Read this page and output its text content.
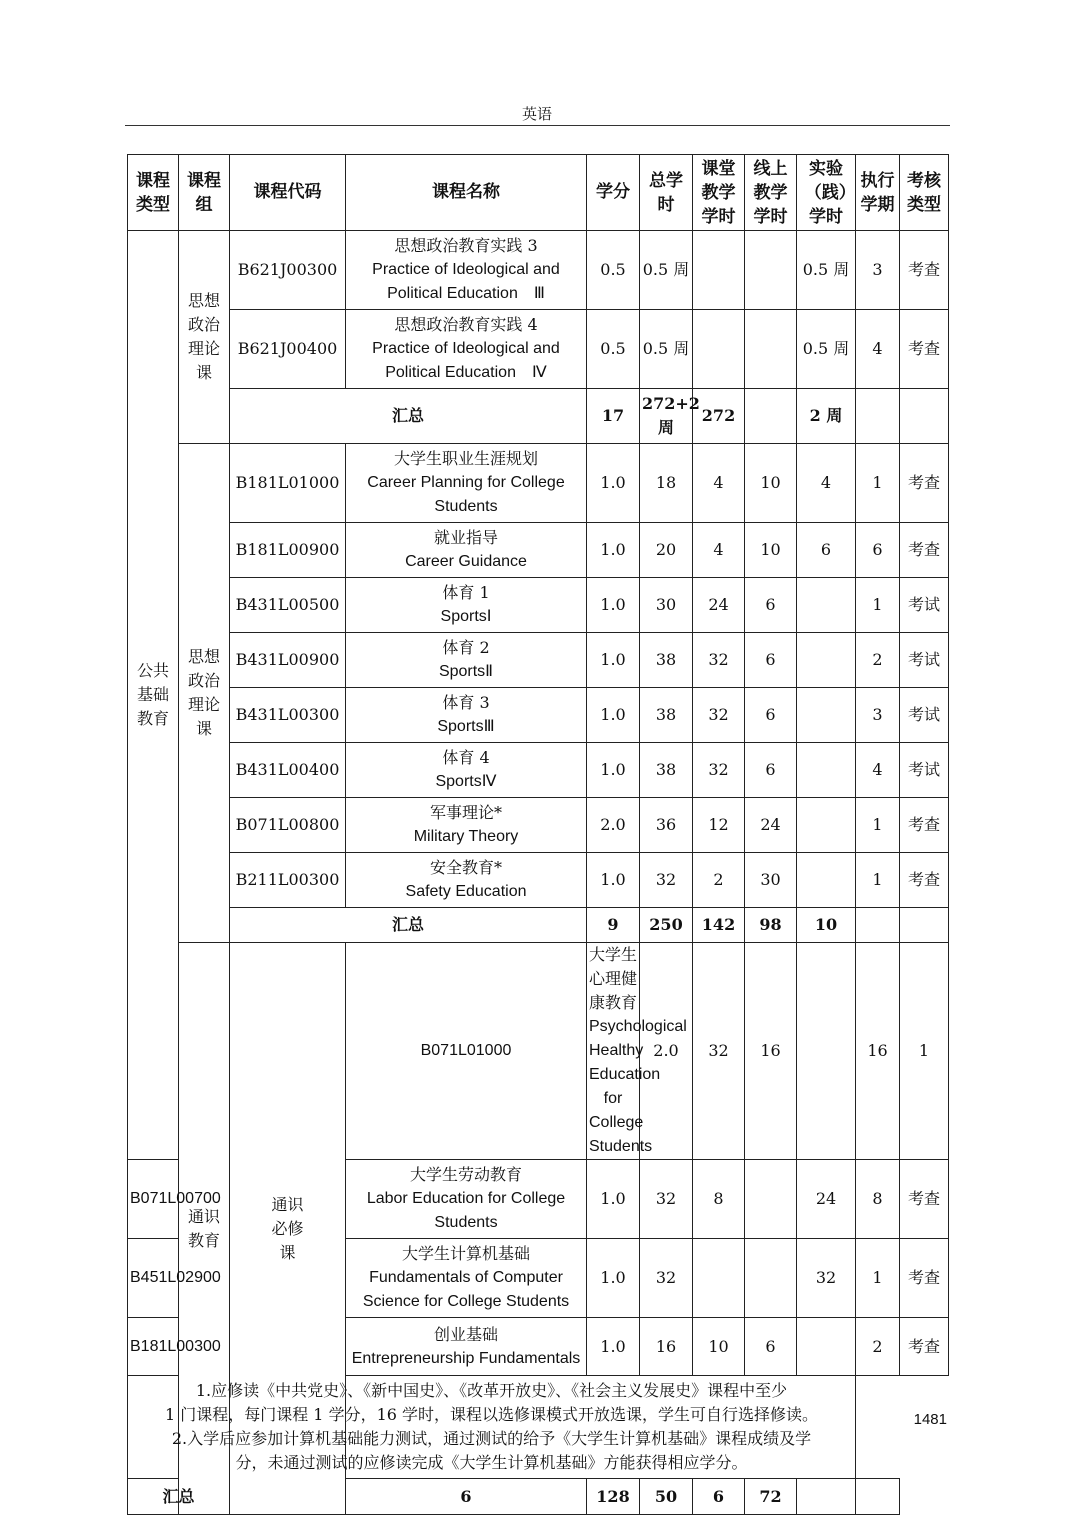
英语
课程类型	课程组	课程代码	课程名称	学分	总学时	课堂教学学时	线上教学学时	实验（践）学时	执行学期	考核类型	
公共基础教育	思想政治理论课	B621J00300	思想政治教育实践 3
Practice of Ideological and
Political Education　Ⅲ	0.5	0.5 周			0.5 周	3	考查	
		B621J00400	思想政治教育实践 4
Practice of Ideological and
Political Education　Ⅳ	0.5	0.5 周			0.5 周	4	考查	
		汇总		17	272+2 周	272		2 周			
	思想政治理论课	B181L01000	大学生职业生涯规划
Career Planning for College
Students	1.0	18	4	10	4	1	考查	
		B181L00900	就业指导
Career Guidance	1.0	20	4	10	6	6	考查	
		B431L00500	体育 1
SportsⅠ	1.0	30	24	6		1	考试	
		B431L00900	体育 2
SportsⅡ	1.0	38	32	6		2	考试	
		B431L00300	体育 3
SportsⅢ	1.0	38	32	6		3	考试	
		B431L00400	体育 4
SportsⅣ	1.0	38	32	6		4	考试	
		B071L00800	军事理论*
Military Theory	2.0	36	12	24		1	考查	
		B211L00300	安全教育*
Safety Education	1.0	32	2	30		1	考查	
		汇总		9	250	142	98	10			
	通识教育	通识必修课	B071L01000	大学生心理健康教育
Psychological Healthy
Education for College Students	2.0	32	16		16	1	
B071L00700			大学生劳动教育
Labor Education for College
Students	1.0	32	8		24	8	考查	
B451L02900			大学生计算机基础
Fundamentals of Computer
Science for College Students	1.0	32			32	1	考查	
B181L00300			创业基础
Entrepreneurship Fundamentals	1.0	16	10	6		2	考查	

1.应修读《中共党史》、《新中国史》、《改革开放史》、《社会主义发展史》课程中至少
1 门课程，每门课程 1 学分，16 学时，课程以选修课模式开放选课，学生可自行选择修读。
2.入学后应参加计算机基础能力测试，通过测试的给予《大学生计算机基础》课程成绩及学
分，未通过测试的应修读完成《大学生计算机基础》方能获得相应学分。											

汇总			6	128	50	6	72				
1481
